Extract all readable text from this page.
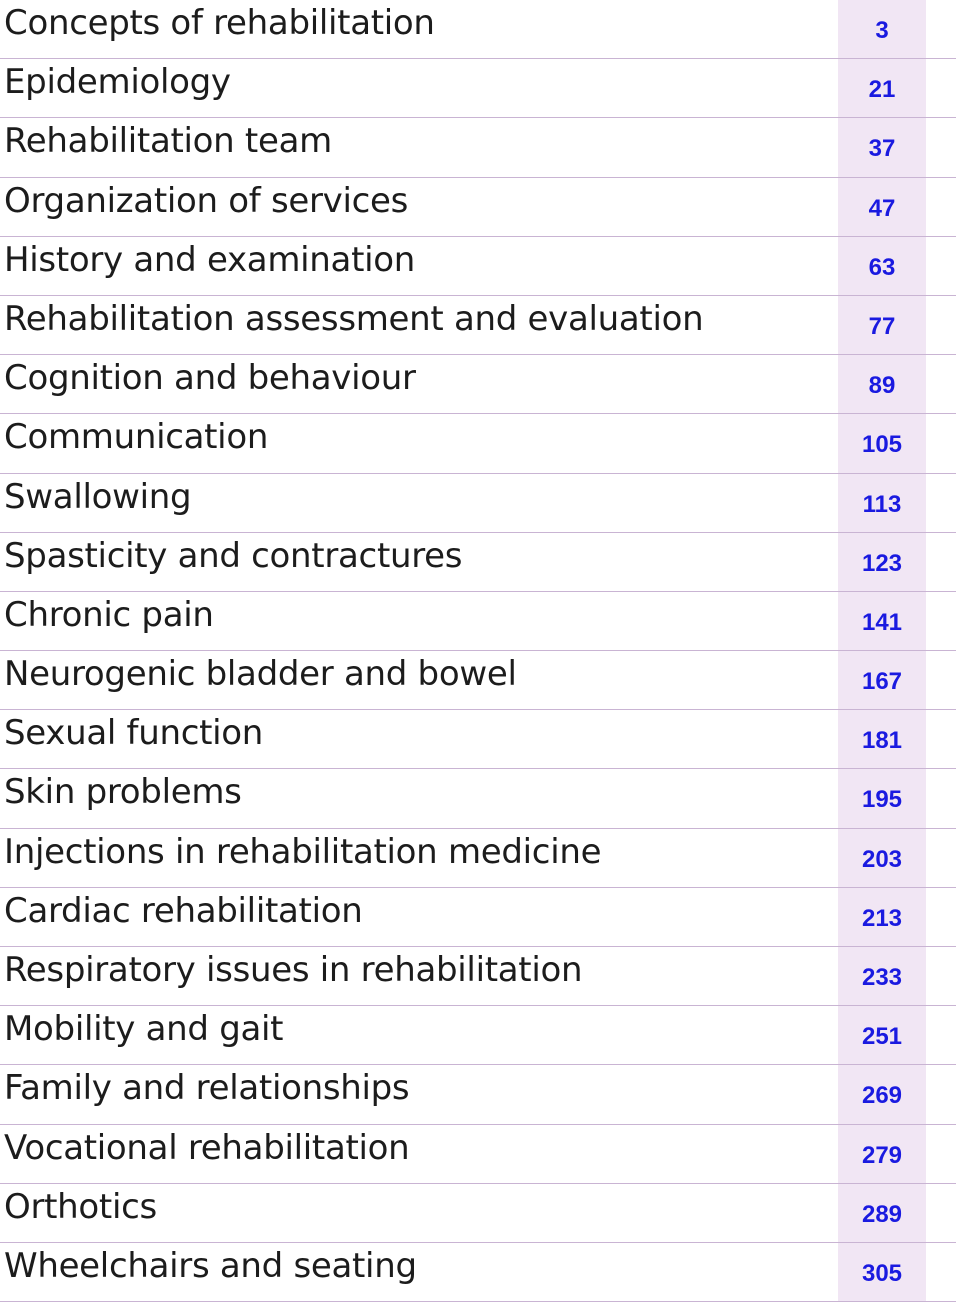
Concepts of rehabilitation	3
Epidemiology	21
Rehabilitation team	37
Organization of services	47
History and examination	63
Rehabilitation assessment and evaluation	77
Cognition and behaviour	89
Communication	105
Swallowing	113
Spasticity and contractures	123
Chronic pain	141
Neurogenic bladder and bowel	167
Sexual function	181
Skin problems	195
Injections in rehabilitation medicine	203
Cardiac rehabilitation	213
Respiratory issues in rehabilitation	233
Mobility and gait	251
Family and relationships	269
Vocational rehabilitation	279
Orthotics	289
Wheelchairs and seating	305
